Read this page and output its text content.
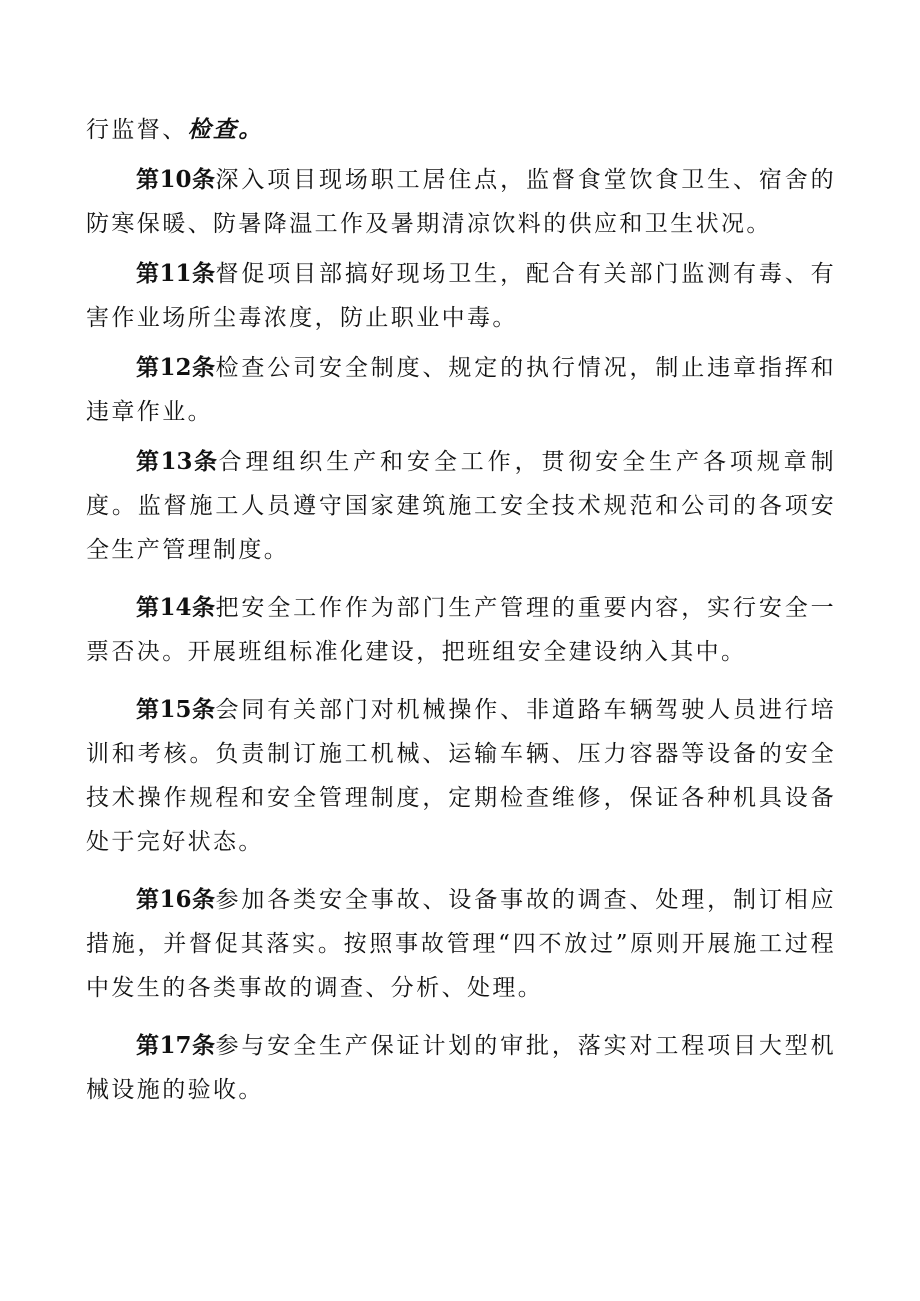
行监督、检查。

第10条深入项目现场职工居住点，监督食堂饮食卫生、宿舍的防寒保暖、防暑降温工作及暑期清凉饮料的供应和卫生状况。

第11条督促项目部搞好现场卫生，配合有关部门监测有毒、有害作业场所尘毒浓度，防止职业中毒。

第12条检查公司安全制度、规定的执行情况，制止违章指挥和违章作业。

第13条合理组织生产和安全工作，贯彻安全生产各项规章制度。监督施工人员遵守国家建筑施工安全技术规范和公司的各项安全生产管理制度。

第14条把安全工作作为部门生产管理的重要内容，实行安全一票否决。开展班组标准化建设，把班组安全建设纳入其中。

第15条会同有关部门对机械操作、非道路车辆驾驶人员进行培训和考核。负责制订施工机械、运输车辆、压力容器等设备的安全技术操作规程和安全管理制度，定期检查维修，保证各种机具设备处于完好状态。

第16条参加各类安全事故、设备事故的调查、处理，制订相应措施，并督促其落实。按照事故管理“四不放过”原则开展施工过程中发生的各类事故的调查、分析、处理。

第17条参与安全生产保证计划的审批，落实对工程项目大型机械设施的验收。
